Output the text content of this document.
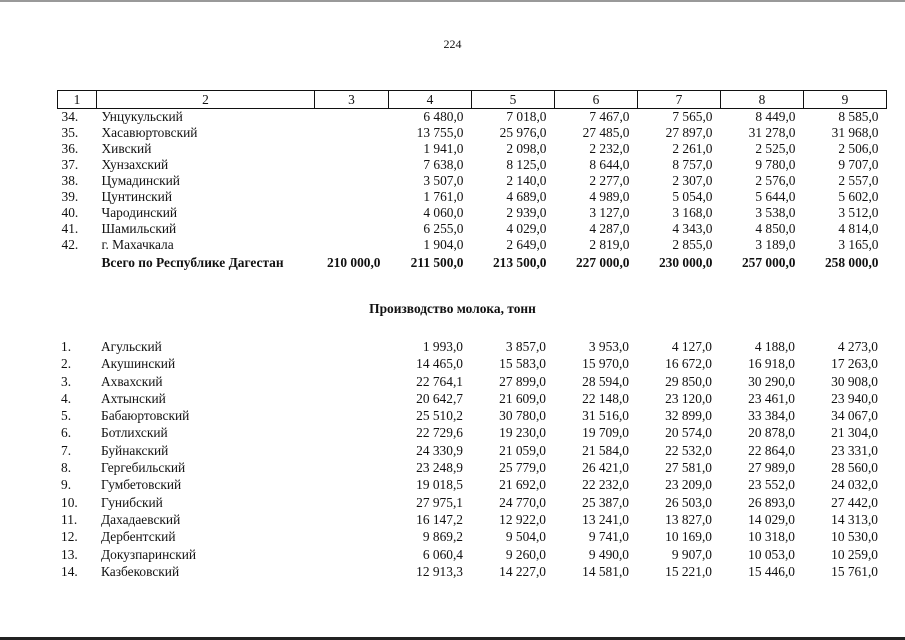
224
1	2	3	4	5	6	7	8	9
34.	Унцукульский		6 480,0	7 018,0	7 467,0	7 565,0	8 449,0	8 585,0
35.	Хасавюртовский		13 755,0	25 976,0	27 485,0	27 897,0	31 278,0	31 968,0
36.	Хивский		1 941,0	2 098,0	2 232,0	2 261,0	2 525,0	2 506,0
37.	Хунзахский		7 638,0	8 125,0	8 644,0	8 757,0	9 780,0	9 707,0
38.	Цумадинский		3 507,0	2 140,0	2 277,0	2 307,0	2 576,0	2 557,0
39.	Цунтинский		1 761,0	4 689,0	4 989,0	5 054,0	5 644,0	5 602,0
40.	Чародинский		4 060,0	2 939,0	3 127,0	3 168,0	3 538,0	3 512,0
41.	Шамильский		6 255,0	4 029,0	4 287,0	4 343,0	4 850,0	4 814,0
42.	г. Махачкала		1 904,0	2 649,0	2 819,0	2 855,0	3 189,0	3 165,0
	Всего по Республике Дагестан	210 000,0	211 500,0	213 500,0	227 000,0	230 000,0	257 000,0	258 000,0
Производство молока, тонн
1.	Агульский		1 993,0	3 857,0	3 953,0	4 127,0	4 188,0	4 273,0
2.	Акушинский		14 465,0	15 583,0	15 970,0	16 672,0	16 918,0	17 263,0
3.	Ахвахский		22 764,1	27 899,0	28 594,0	29 850,0	30 290,0	30 908,0
4.	Ахтынский		20 642,7	21 609,0	22 148,0	23 120,0	23 461,0	23 940,0
5.	Бабаюртовский		25 510,2	30 780,0	31 516,0	32 899,0	33 384,0	34 067,0
6.	Ботлихский		22 729,6	19 230,0	19 709,0	20 574,0	20 878,0	21 304,0
7.	Буйнакский		24 330,9	21 059,0	21 584,0	22 532,0	22 864,0	23 331,0
8.	Гергебильский		23 248,9	25 779,0	26 421,0	27 581,0	27 989,0	28 560,0
9.	Гумбетовский		19 018,5	21 692,0	22 232,0	23 209,0	23 552,0	24 032,0
10.	Гунибский		27 975,1	24 770,0	25 387,0	26 503,0	26 893,0	27 442,0
11.	Дахадаевский		16 147,2	12 922,0	13 241,0	13 827,0	14 029,0	14 313,0
12.	Дербентский		9 869,2	9 504,0	9 741,0	10 169,0	10 318,0	10 530,0
13.	Докузпаринский		6 060,4	9 260,0	9 490,0	9 907,0	10 053,0	10 259,0
14.	Казбековский		12 913,3	14 227,0	14 581,0	15 221,0	15 446,0	15 761,0
